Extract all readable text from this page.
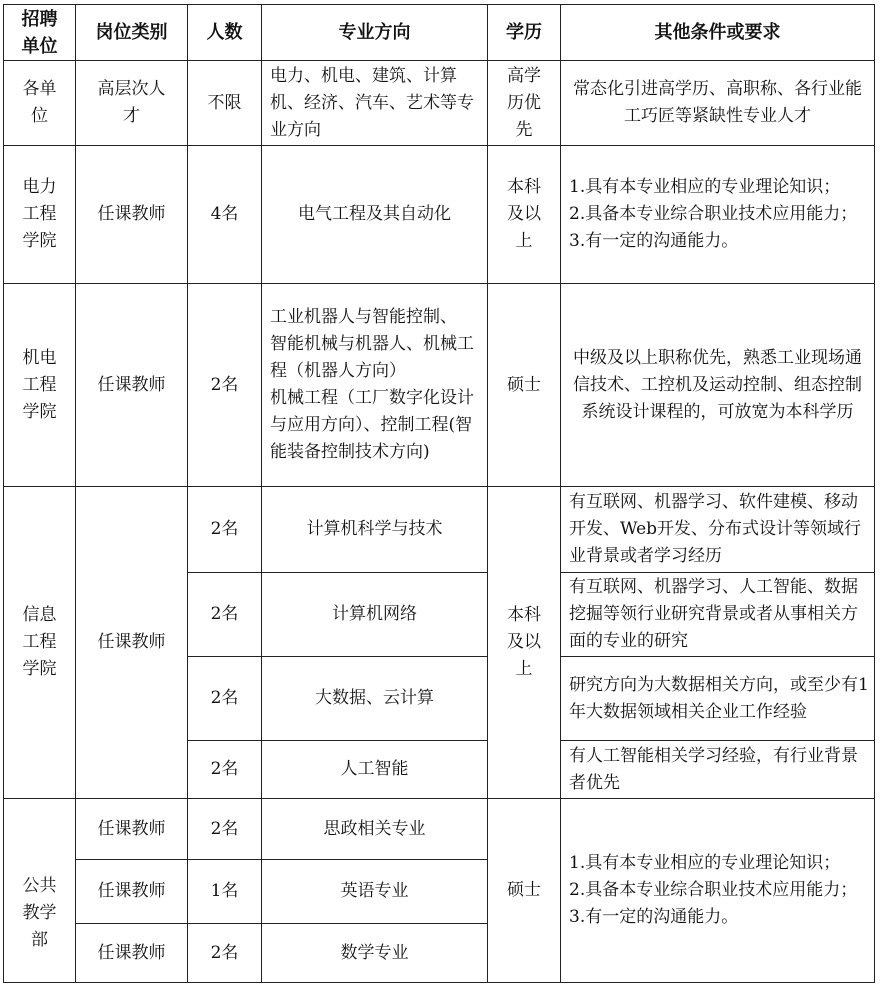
招聘单位	岗位类别	人数	专业方向	学历	其他条件或要求
各单位	高层次人才	不限	电力、机电、建筑、计算机、经济、汽车、艺术等专业方向	高学历优先	常态化引进高学历、高职称、各行业能工巧匠等紧缺性专业人才
电力工程学院	任课教师	4名	电气工程及其自动化	本科及以上	1.具有本专业相应的专业理论知识；
2.具备本专业综合职业技术应用能力；
3.有一定的沟通能力。

机电工程学院	任课教师	2名	工业机器人与智能控制、
智能机械与机器人、机械工程（机器人方向）
机械工程（工厂数字化设计与应用方向）、控制工程(智能装备控制技术方向)	硕士	中级及以上职称优先，熟悉工业现场通信技术、工控机及运动控制、组态控制系统设计课程的，可放宽为本科学历
信息工程学院	任课教师	2名	计算机科学与技术	本科及以上	有互联网、机器学习、软件建模、移动开发、Web开发、分布式设计等领域行业背景或者学习经历
		2名	计算机网络		有互联网、机器学习、人工智能、数据挖掘等领行业研究背景或者从事相关方面的专业的研究
		2名	大数据、云计算		研究方向为大数据相关方向，或至少有1年大数据领域相关企业工作经验
		2名	人工智能		有人工智能相关学习经验，有行业背景者优先
公共教学部	任课教师	2名	思政相关专业	硕士	1.具有本专业相应的专业理论知识；
2.具备本专业综合职业技术应用能力；
3.有一定的沟通能力。

	任课教师	1名	英语专业		
	任课教师	2名	数学专业		
